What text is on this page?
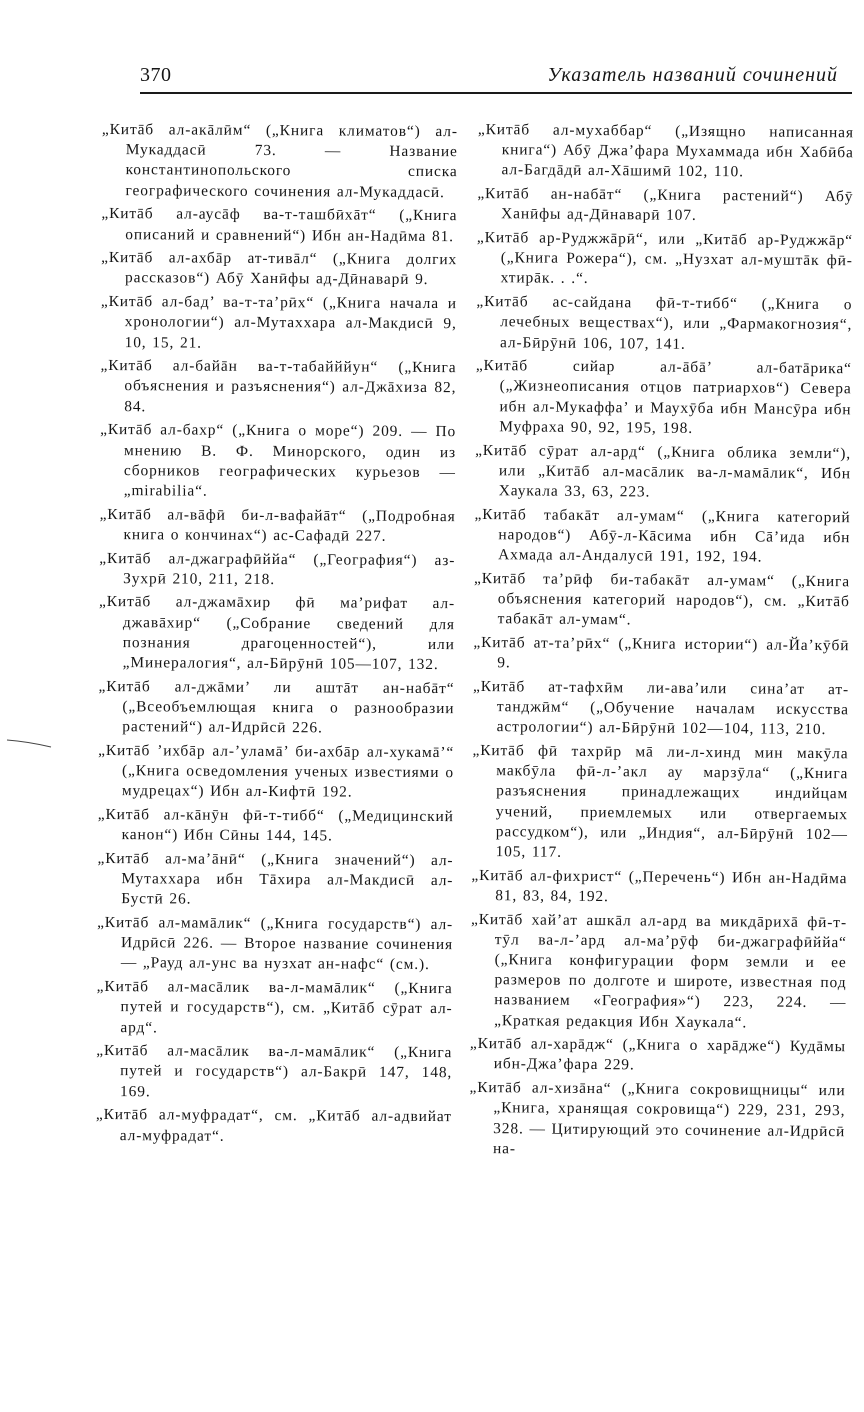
370	Указатель названий сочинений

„Китāб ал-акāлӣм“ („Книга климатов“) ал-Мукаддасӣ 73. — Название константинопольского списка географического сочинения ал-Мукаддасӣ.

„Китāб ал-аусāф ва-т-ташбӣхāт“ („Книга описаний и сравнений“) Ибн ан-Надӣма 81.

„Китāб ал-ахбāр ат-тивāл“ („Книга долгих рассказов“) Абӯ Ханӣфы ад-Дӣнаварӣ 9.

„Китāб ал-бад’ ва-т-та’рӣх“ („Книга начала и хронологии“) ал-Мутаххара ал-Макдисӣ 9, 10, 15, 21.

„Китāб ал-байāн ва-т-табайййун“ („Книга объяснения и разъяснения“) ал-Джāхиза 82, 84.

„Китāб ал-бахр“ („Книга о море“) 209. — По мнению В. Ф. Минорского, один из сборников географических курьезов — „mirabilia“.

„Китāб ал-вāфӣ би-л-вафайāт“ („Подробная книга о кончинах“) ас-Сафадӣ 227.

„Китāб ал-джаграфӣййа“ („География“) аз-Зухрӣ 210, 211, 218.

„Китāб ал-джамāхир фӣ ма’рифат ал-джавāхир“ („Собрание сведений для познания драгоценностей“), или „Минералогия“, ал-Бӣрӯнӣ 105—107, 132.

„Китāб ал-джāми’ ли аштāт ан-набāт“ („Всеобъемлющая книга о разнообразии растений“) ал-Идрӣсӣ 226.

„Китāб ’ихбāр ал-’уламā’ би-ахбāр ал-хукамā’“ („Книга осведомления ученых известиями о мудрецах“) Ибн ал-Кифтӣ 192.

„Китāб ал-кāнӯн фӣ-т-тибб“ („Медицинский канон“) Ибн Сӣны 144, 145.

„Китāб ал-ма’āнӣ“ („Книга значений“) ал-Мутаххара ибн Тāхира ал-Макдисӣ ал-Бустӣ 26.

„Китāб ал-мамāлик“ („Книга государств“) ал-Идрӣсӣ 226. — Второе название сочинения — „Рауд ал-унс ва нузхат ан-нафс“ (см.).

„Китāб ал-масāлик ва-л-мамāлик“ („Книга путей и государств“), см. „Китāб сӯрат ал-ард“.

„Китāб ал-масāлик ва-л-мамāлик“ („Книга путей и государств“) ал-Бакрӣ 147, 148, 169.

„Китāб ал-муфрадат“, см. „Китāб ал-адвийат ал-муфрадат“.

„Китāб ал-мухаббар“ („Изящно написанная книга“) Абӯ Джа’фара Мухаммада ибн Хабӣба ал-Багдāдӣ ал-Хāшимӣ 102, 110.

„Китāб ан-набāт“ („Книга растений“) Абӯ Ханӣфы ад-Дӣнаварӣ 107.

„Китāб ар-Руджжāрӣ“, или „Китāб ар-Руджжāр“ („Книга Рожера“), см. „Нузхат ал-муштāк фӣ-хтирāк. . .“.

„Китāб ас-сайдана фӣ-т-тибб“ („Книга о лечебных веществах“), или „Фармакогнозия“, ал-Бӣрӯнӣ 106, 107, 141.

„Китāб сийар ал-āбā’ ал-батāрика“ („Жизнеописания отцов патриархов“) Севера ибн ал-Мукаффа’ и Маухӯба ибн Мансӯра ибн Муфраха 90, 92, 195, 198.

„Китāб сӯрат ал-ард“ („Книга облика земли“), или „Китāб ал-масāлик ва-л-мамāлик“, Ибн Хаукала 33, 63, 223.

„Китāб табакāт ал-умам“ („Книга категорий народов“) Абӯ-л-Кāсима ибн Сā’ида ибн Ахмада ал-Андалусӣ 191, 192, 194.

„Китāб та’рӣф би-табакāт ал-умам“ („Книга объяснения категорий народов“), см. „Китāб табакāт ал-умам“.

„Китāб ат-та’рӣх“ („Книга истории“) ал-Йа’кӯбӣ 9.

„Китāб ат-тафхӣм ли-ава’или сина’ат ат-танджӣм“ („Обучение началам искусства астрологии“) ал-Бӣрӯнӣ 102—104, 113, 210.

„Китāб фӣ тахрӣр мā ли-л-хинд мин макӯла макбӯла фӣ-л-’акл ау марзӯла“ („Книга разъяснения принадлежащих индийцам учений, приемлемых или отвергаемых рассудком“), или „Индия“, ал-Бӣрӯнӣ 102—105, 117.

„Китāб ал-фихрист“ („Перечень“) Ибн ан-Надӣма 81, 83, 84, 192.

„Китāб хай’ат ашкāл ал-ард ва микдāрихā фӣ-т-тӯл ва-л-’ард ал-ма’рӯф би-джаграфӣййа“ („Книга конфигурации форм земли и ее размеров по долготе и широте, известная под названием «География»“) 223, 224. — „Краткая редакция Ибн Хаукала“.

„Китāб ал-харāдж“ („Книга о харāдже“) Кудāмы ибн-Джа’фара 229.

„Китāб ал-хизāна“ („Книга сокровищницы“ или „Книга, хранящая сокровища“) 229, 231, 293, 328. — Цитирующий это сочинение ал-Идрӣсӣ на-
